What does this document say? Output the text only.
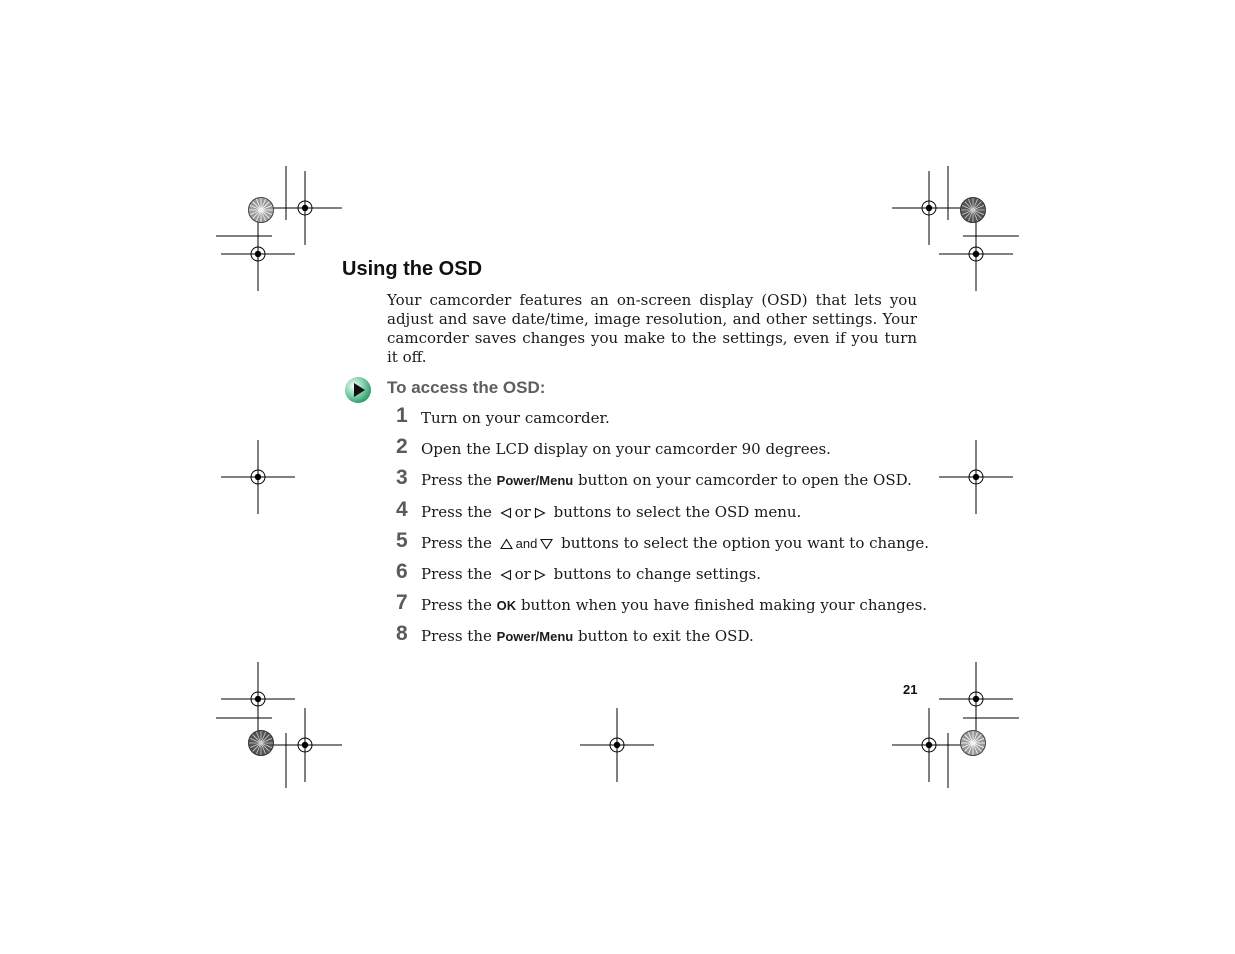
Using the OSD

Your camcorder features an on-screen display (OSD) that lets you adjust and save date/time, image resolution, and other settings. Your camcorder saves changes you make to the settings, even if you turn it off.

To access the OSD:
1 Turn on your camcorder.
2 Open the LCD display on your camcorder 90 degrees.
3 Press the Power/Menu button on your camcorder to open the OSD.
4 Press the or buttons to select the OSD menu.
5 Press the and buttons to select the option you want to change.
6 Press the or buttons to change settings.
7 Press the OK button when you have finished making your changes.
8 Press the Power/Menu button to exit the OSD.

21
